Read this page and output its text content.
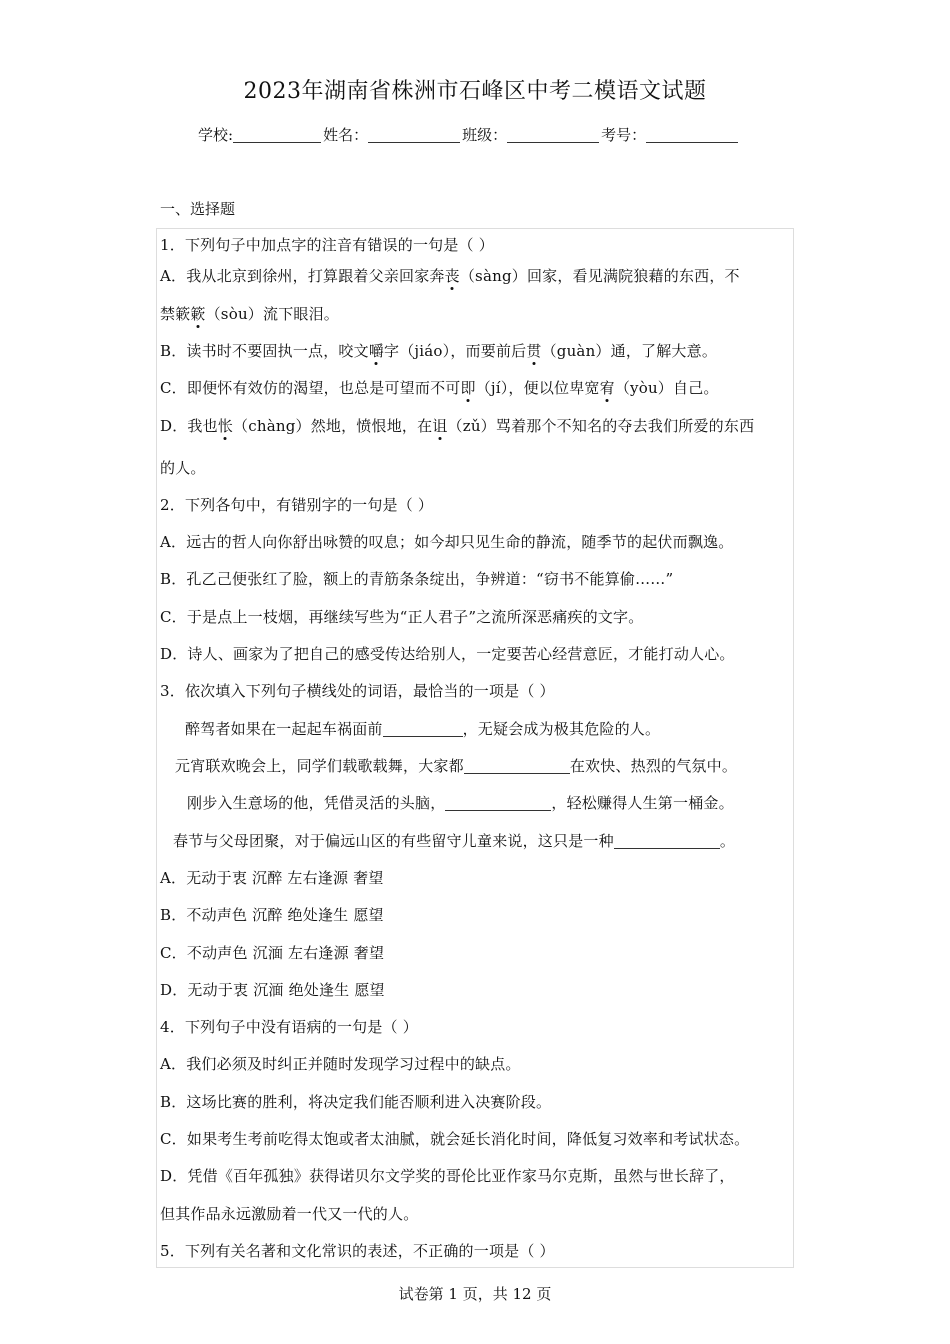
2023年湖南省株洲市石峰区中考二模语文试题
学校:	姓名：	班级：	考号：
一、选择题
1．下列句子中加点字的注音有错误的一句是（ ）
A．我从北京到徐州，打算跟着父亲回家奔丧（sàng）回家，看见满院狼藉的东西，不
禁簌簌（sòu）流下眼泪。
B．读书时不要固执一点，咬文嚼字（jiáo），而要前后贯（guàn）通，了解大意。
C．即便怀有效仿的渴望，也总是可望而不可即（jí），便以位卑宽宥（yòu）自己。
D．我也怅（chàng）然地，愤恨地，在诅（zǔ）骂着那个不知名的夺去我们所爱的东西
的人。
2．下列各句中，有错别字的一句是（ ）
A．远古的哲人向你舒出咏赞的叹息；如今却只见生命的静流，随季节的起伏而飘逸。
B．孔乙己便张红了脸，额上的青筋条条绽出，争辨道：“窃书不能算偷……”
C．于是点上一枝烟，再继续写些为“正人君子”之流所深恶痛疾的文字。
D．诗人、画家为了把自己的感受传达给别人，一定要苦心经营意匠，才能打动人心。
3．依次填入下列句子横线处的词语，最恰当的一项是（ ）
醉驾者如果在一起起车祸面前	，无疑会成为极其危险的人。
元宵联欢晚会上，同学们载歌载舞，大家都	在欢快、热烈的气氛中。
刚步入生意场的他，凭借灵活的头脑，	，轻松赚得人生第一桶金。
春节与父母团聚，对于偏远山区的有些留守儿童来说，这只是一种	。
A．无动于衷 沉醉 左右逢源 奢望
B．不动声色 沉醉 绝处逢生 愿望
C．不动声色 沉湎 左右逢源 奢望
D．无动于衷 沉湎 绝处逢生 愿望
4．下列句子中没有语病的一句是（ ）
A．我们必须及时纠正并随时发现学习过程中的缺点。
B．这场比赛的胜利，将决定我们能否顺利进入决赛阶段。
C．如果考生考前吃得太饱或者太油腻，就会延长消化时间，降低复习效率和考试状态。
D．凭借《百年孤独》获得诺贝尔文学奖的哥伦比亚作家马尔克斯，虽然与世长辞了，
但其作品永远激励着一代又一代的人。
5．下列有关名著和文化常识的表述，不正确的一项是（ ）
试卷第 1 页，共 12 页
